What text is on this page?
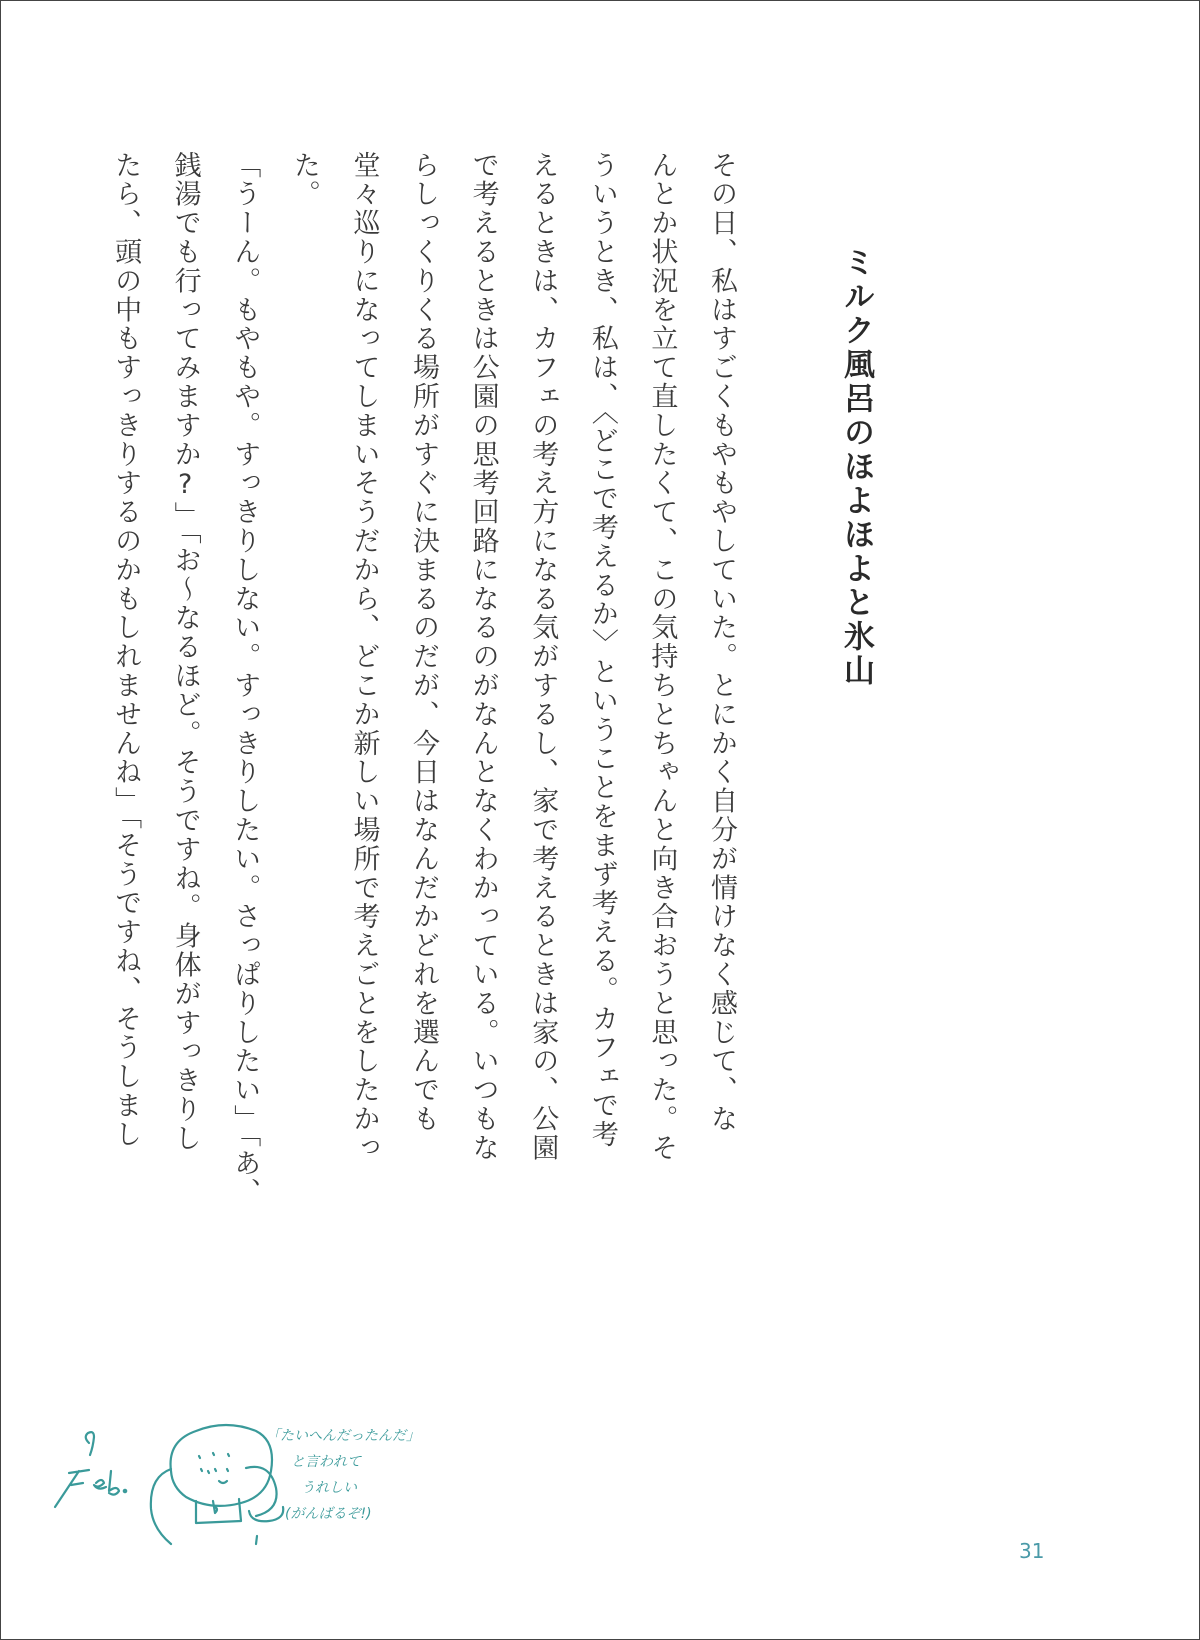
ミルク風呂のほよほよと氷山
その日、私はすごくもやもやしていた。とにかく自分が情けなく感じて、な
んとか状況を立て直したくて、この気持ちとちゃんと向き合おうと思った。そ
ういうとき、私は、〈どこで考えるか〉ということをまず考える。カフェで考
えるときは、カフェの考え方になる気がするし、家で考えるときは家の、公園
で考えるときは公園の思考回路になるのがなんとなくわかっている。いつもな
らしっくりくる場所がすぐに決まるのだが、今日はなんだかどれを選んでも
堂々巡りになってしまいそうだから、どこか新しい場所で考えごとをしたかっ
た。
「うーん。もやもや。すっきりしない。すっきりしたい。さっぱりしたい」「あ、
銭湯でも行ってみますか?」「お〜なるほど。そうですね。身体がすっきりし
たら、頭の中もすっきりするのかもしれませんね」「そうですね、そうしまし
「たいへんだったんだ」
と言われて
うれしい
(がんばるぞ!)
31
